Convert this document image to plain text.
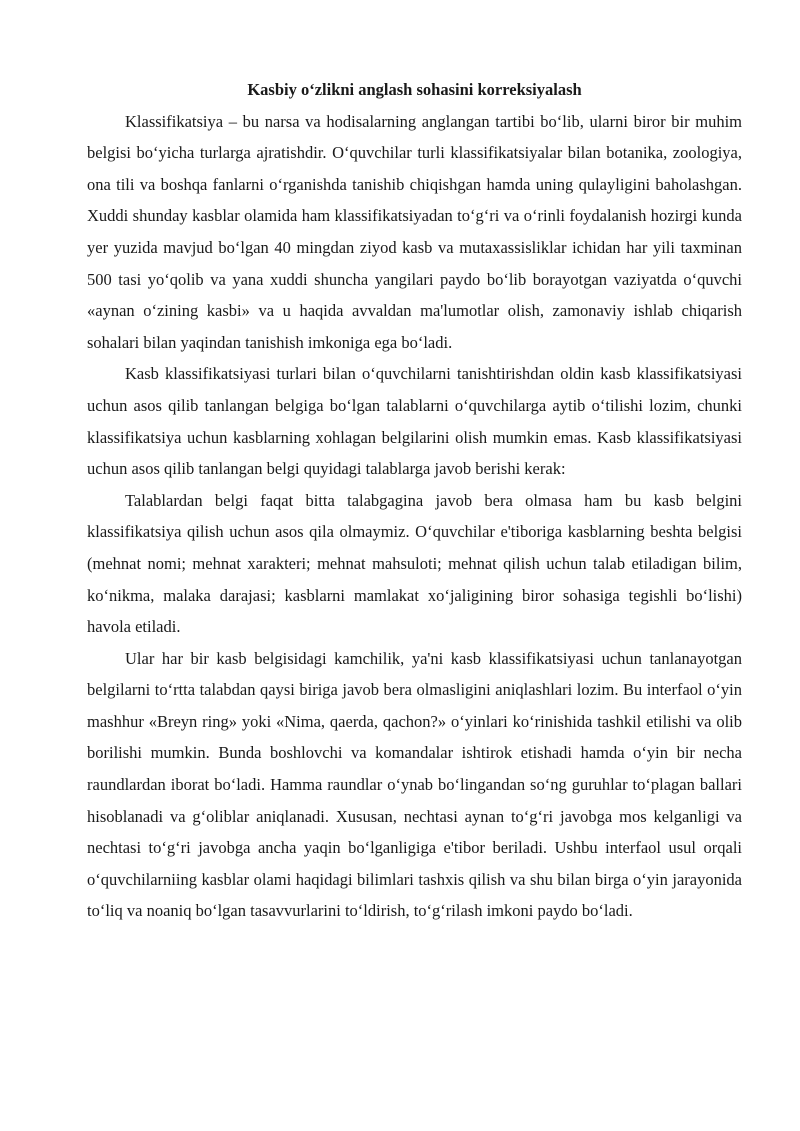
Kasbiy o‘zlikni anglash sohasini korreksiyalash

Klassifikatsiya – bu narsa va hodisalarning anglangan tartibi bo‘lib, ularni biror bir muhim belgisi bo‘yicha turlarga ajratishdir. O‘quvchilar turli klassifikatsiyalar bilan botanika, zoologiya, ona tili va boshqa fanlarni o‘rganishda tanishib chiqishgan hamda uning qulayligini baholashgan. Xuddi shunday kasblar olamida ham klassifikatsiyadan to‘g‘ri va o‘rinli foydalanish hozirgi kunda yer yuzida mavjud bo‘lgan 40 mingdan ziyod kasb va mutaxassisliklar ichidan har yili taxminan 500 tasi yo‘qolib va yana xuddi shuncha yangilari paydo bo‘lib borayotgan vaziyatda o‘quvchi «aynan o‘zining kasbi» va u haqida avvaldan ma'lumotlar olish, zamonaviy ishlab chiqarish sohalari bilan yaqindan tanishish imkoniga ega bo‘ladi.

Kasb klassifikatsiyasi turlari bilan o‘quvchilarni tanishtirishdan oldin kasb klassifikatsiyasi uchun asos qilib tanlangan belgiga bo‘lgan talablarni o‘quvchilarga aytib o‘tilishi lozim, chunki klassifikatsiya uchun kasblarning xohlagan belgilarini olish mumkin emas. Kasb klassifikatsiyasi uchun asos qilib tanlangan belgi quyidagi talablarga javob berishi kerak:

Talablardan belgi faqat bitta talabgagina javob bera olmasa ham bu kasb belgini klassifikatsiya qilish uchun asos qila olmaymiz. O‘quvchilar e'tiboriga kasblarning beshta belgisi (mehnat nomi; mehnat xarakteri; mehnat mahsuloti; mehnat qilish uchun talab etiladigan bilim, ko‘nikma, malaka darajasi; kasblarni mamlakat xo‘jaligining biror sohasiga tegishli bo‘lishi) havola etiladi.

Ular har bir kasb belgisidagi kamchilik, ya'ni kasb klassifikatsiyasi uchun tanlanayotgan belgilarni to‘rtta talabdan qaysi biriga javob bera olmasligini aniqlashlari lozim. Bu interfaol o‘yin mashhur «Breyn ring» yoki «Nima, qaerda, qachon?» o‘yinlari ko‘rinishida tashkil etilishi va olib borilishi mumkin. Bunda boshlovchi va komandalar ishtirok etishadi hamda o‘yin bir necha raundlardan iborat bo‘ladi. Hamma raundlar o‘ynab bo‘lingandan so‘ng guruhlar to‘plagan ballari hisoblanadi va g‘oliblar aniqlanadi. Xususan, nechtasi aynan to‘g‘ri javobga mos kelganligi va nechtasi to‘g‘ri javobga ancha yaqin bo‘lganligiga e'tibor beriladi. Ushbu interfaol usul orqali o‘quvchilarniing kasblar olami haqidagi bilimlari tashxis qilish va shu bilan birga o‘yin jarayonida to‘liq va noaniq bo‘lgan tasavvurlarini to‘ldirish, to‘g‘rilash imkoni paydo bo‘ladi.
